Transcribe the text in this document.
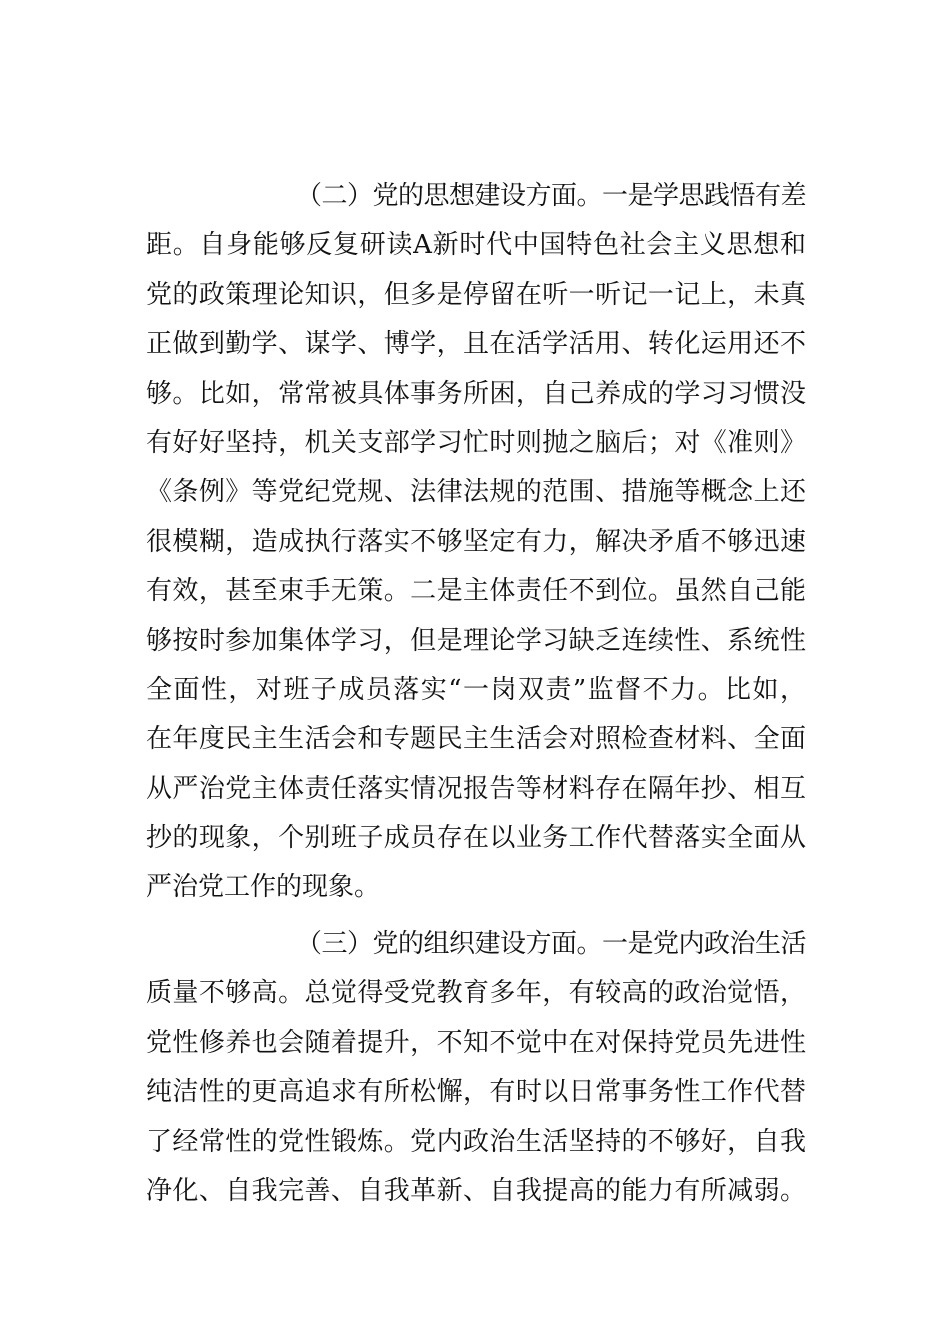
（二）党的思想建设方面。一是学思践悟有差
距。自身能够反复研读A新时代中国特色社会主义思想和
党的政策理论知识，但多是停留在听一听记一记上，未真
正做到勤学、谋学、博学，且在活学活用、转化运用还不
够。比如，常常被具体事务所困，自己养成的学习习惯没
有好好坚持，机关支部学习忙时则抛之脑后；对《准则》
《条例》等党纪党规、法律法规的范围、措施等概念上还
很模糊，造成执行落实不够坚定有力，解决矛盾不够迅速
有效，甚至束手无策。二是主体责任不到位。虽然自己能
够按时参加集体学习，但是理论学习缺乏连续性、系统性
全面性，对班子成员落实“一岗双责”监督不力。比如，
在年度民主生活会和专题民主生活会对照检查材料、全面
从严治党主体责任落实情况报告等材料存在隔年抄、相互
抄的现象，个别班子成员存在以业务工作代替落实全面从
严治党工作的现象。
（三）党的组织建设方面。一是党内政治生活
质量不够高。总觉得受党教育多年，有较高的政治觉悟，
党性修养也会随着提升，不知不觉中在对保持党员先进性
纯洁性的更高追求有所松懈，有时以日常事务性工作代替
了经常性的党性锻炼。党内政治生活坚持的不够好，自我
净化、自我完善、自我革新、自我提高的能力有所减弱。
